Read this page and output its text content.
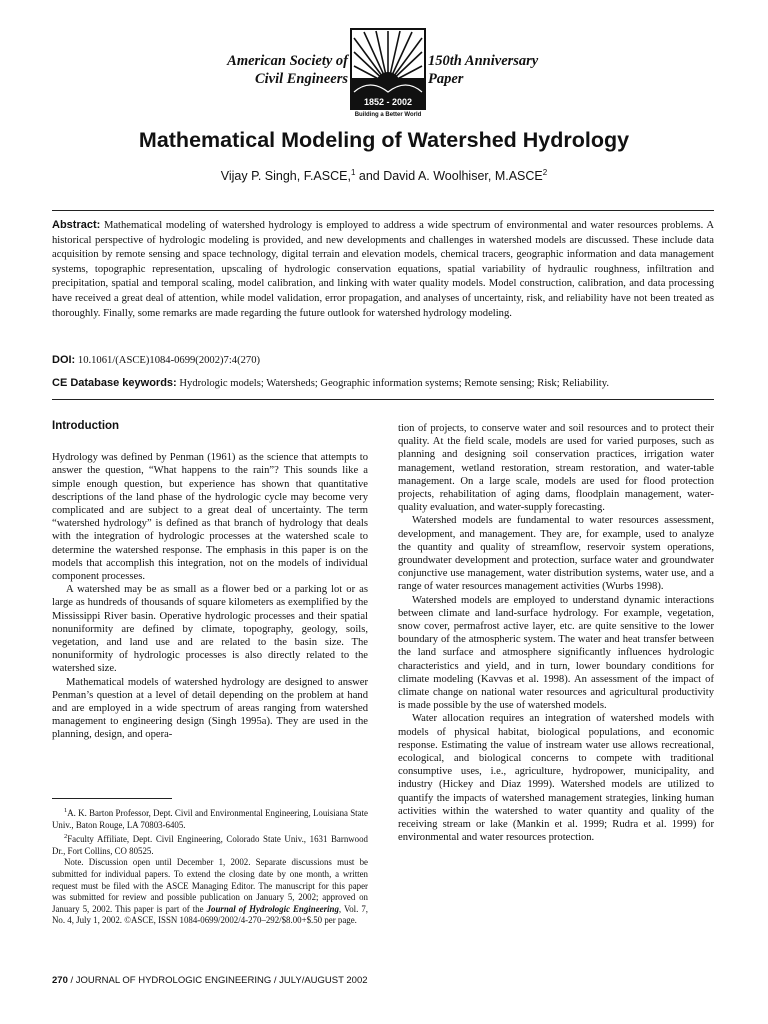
American Society of
Civil Engineers
1852 - 2002
Building a Better World
150th Anniversary
Paper
Mathematical Modeling of Watershed Hydrology
Vijay P. Singh, F.ASCE,$^1$ and David A. Woolhiser, M.ASCE$^2$
Abstract: Mathematical modeling of watershed hydrology is employed to address a wide spectrum of environmental and water resources problems. A historical perspective of hydrologic modeling is provided, and new developments and challenges in watershed models are discussed. These include data acquisition by remote sensing and space technology, digital terrain and elevation models, chemical tracers, geographic information and data management systems, topographic representation, upscaling of hydrologic conservation equations, spatial variability of hydraulic roughness, infiltration and precipitation, spatial and temporal scaling, model calibration, and linking with water quality models. Model construction, calibration, and data processing have received a great deal of attention, while model validation, error propagation, and analyses of uncertainty, risk, and reliability have not been treated as thoroughly. Finally, some remarks are made regarding the future outlook for watershed hydrology modeling.
DOI: 10.1061/(ASCE)1084-0699(2002)7:4(270)
CE Database keywords: Hydrologic models; Watersheds; Geographic information systems; Remote sensing; Risk; Reliability.
Introduction

Hydrology was defined by Penman (1961) as the science that attempts to answer the question, “What happens to the rain”? This sounds like a simple enough question, but experience has shown that quantitative descriptions of the land phase of the hydrologic cycle may become very complicated and are subject to a great deal of uncertainty. The term “watershed hydrology” is defined as that branch of hydrology that deals with the integration of hydrologic processes at the watershed scale to determine the watershed response. The emphasis in this paper is on the models that accomplish this integration, not on the models of individual component processes.

A watershed may be as small as a flower bed or a parking lot or as large as hundreds of thousands of square kilometers as exemplified by the Mississippi River basin. Operative hydrologic processes and their spatial nonuniformity are defined by climate, topography, geology, soils, vegetation, and land use and are related to the basin size. The nonuniformity of hydrologic processes is also directly related to the watershed size.

Mathematical models of watershed hydrology are designed to answer Penman’s question at a level of detail depending on the problem at hand and are employed in a wide spectrum of areas ranging from watershed management to engineering design (Singh 1995a). They are used in the planning, design, and opera-

$^1$A. K. Barton Professor, Dept. Civil and Environmental Engineering, Louisiana State Univ., Baton Rouge, LA 70803-6405.

$^2$Faculty Affiliate, Dept. Civil Engineering, Colorado State Univ., 1631 Barnwood Dr., Fort Collins, CO 80525.

Note. Discussion open until December 1, 2002. Separate discussions must be submitted for individual papers. To extend the closing date by one month, a written request must be filed with the ASCE Managing Editor. The manuscript for this paper was submitted for review and possible publication on January 5, 2002; approved on January 5, 2002. This paper is part of the Journal of Hydrologic Engineering, Vol. 7, No. 4, July 1, 2002. ©ASCE, ISSN 1084-0699/2002/4-270–292/$8.00+$.50 per page.

tion of projects, to conserve water and soil resources and to protect their quality. At the field scale, models are used for varied purposes, such as planning and designing soil conservation practices, irrigation water management, wetland restoration, stream restoration, and water-table management. On a large scale, models are used for flood protection projects, rehabilitation of aging dams, floodplain management, water-quality evaluation, and water-supply forecasting.

Watershed models are fundamental to water resources assessment, development, and management. They are, for example, used to analyze the quantity and quality of streamflow, reservoir system operations, groundwater development and protection, surface water and groundwater conjunctive use management, water distribution systems, water use, and a range of water resources management activities (Wurbs 1998).

Watershed models are employed to understand dynamic interactions between climate and land-surface hydrology. For example, vegetation, snow cover, permafrost active layer, etc. are quite sensitive to the lower boundary of the atmospheric system. The water and heat transfer between the land surface and atmosphere significantly influences hydrologic characteristics and yield, and in turn, lower boundary conditions for climate modeling (Kavvas et al. 1998). An assessment of the impact of climate change on national water resources and agricultural productivity is made possible by the use of watershed models.

Water allocation requires an integration of watershed models with models of physical habitat, biological populations, and economic response. Estimating the value of instream water use allows recreational, ecological, and biological concerns to compete with traditional consumptive uses, i.e., agriculture, hydropower, municipality, and industry (Hickey and Diaz 1999). Watershed models are utilized to quantify the impacts of watershed management strategies, linking human activities within the watershed to water quantity and quality of the receiving stream or lake (Mankin et al. 1999; Rudra et al. 1999) for environmental and water resources protection.

270 / JOURNAL OF HYDROLOGIC ENGINEERING / JULY/AUGUST 2002
